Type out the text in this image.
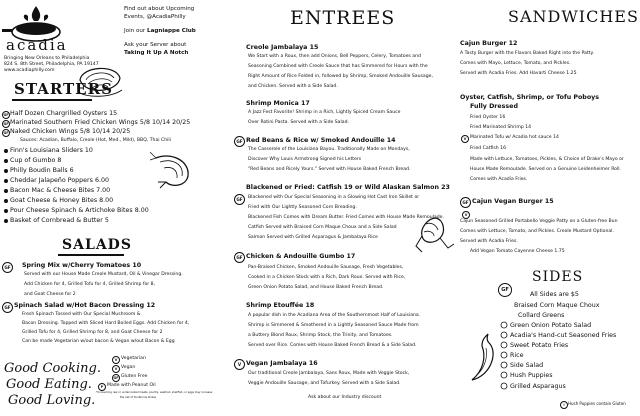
acadia
Bringing New Orleans to Philadelphia
824 S. 8th Street, Philadelphia, PA 19147
www.acadiaphilly.com
Find out about Upcoming
Events, @AcadiaPhilly
Join our Lagniappe Club
Ask your Server about
Taking It Up A Notch
STARTERS
GF Half Dozen Chargrilled Oysters 15
GF Marinated Southern Fried Chicken Wings 5/8 10/14 20/25
GF Naked Chicken Wings 5/8 10/14 20/25
Sauces: Acadian, Buffalo, Creole (Hot, Med., Mild), BBQ, Thai Chili
Finn's Louisiana Sliders 10
Cup of Gumbo 8
Philly Boudin Balls 6
Cheddar Jalapeño Poppers 6.00
Bacon Mac & Cheese Bites 7.00
Goat Cheese & Honey Bites 8.00
Pour Cheese Spinach & Artichoke Bites 8.00
Basket of Cornbread & Butter 5
SALADS
GF	Spring Mix w/Cherry Tomatoes 10
Served with our House Made Creole Mustard, Oil & Vinegar Dressing.
Add Chicken for 4, Grilled Tofu for 4, Grilled Shrimp for 8,
and Goat Cheese for 2
GF Spinach Salad w/Hot Bacon Dressing 12
Fresh Spinach Tossed with Our Special Mushroom &
Bacon Dressing. Topped with Sliced Hard Boiled Eggs. Add Chicken for 4,
Grilled Tofu for 4, Grilled Shrimp for 8, and Goat Cheese for 2
Can be made Vegetarian w/out bacon & Vegan w/out Bacon & Egg
Good Cooking.
Good Eating.
Good Loving.
V Vegetarian
V Vegan
GF Gluten Free
P Made with Peanut Oil
*Consuming raw or undercooked meats, poultry, seafood, shellfish, or eggs may increase
the risk of foodborne illness
ENTREES
Creole Jambalaya 15
We Start with a Roux, then add Onions, Bell Peppers, Celery, Tomatoes and
Seasoning Combined with Creole Sauce that has Simmered for Hours with the
Right Amount of Rice Folded in, followed by Shrimp, Smoked Andouille Sausage,
and Chicken. Served with a Side Salad.
Shrimp Monica 17
A Jazz Fest Favorite! Shrimp in a Rich, Lightly Spiced Cream Sauce
Over Rotini Pasta. Served with a Side Salad.
GF Red Beans & Rice w/ Smoked Andouille 14
The Casserole of the Louisiana Bayou. Traditionally Made on Mondays,
Discover Why Louis Armstrong Signed his Letters
"Red Beans and Ricely Yours." Served with House Baked French Bread.
Blackened or Fried: Catfish 19 or Wild Alaskan Salmon 23
GF	Blackened with Our Special Seasoning in a Glowing Hot Cast Iron Skillet or
Fried with Our Lightly Seasoned Corn Breading.
Blackened Fish Comes with Dream Butter. Fried Comes with House Made Remoulade.
Catfish Served with Braised Corn Maque Choux and a Side Salad
Salmon Served with Grilled Asparagus & Jambalaya Rice
GF Chicken & Andouille Gumbo 17
Pan-Braised Chicken, Smoked Andouille Sausage, Fresh Vegetables,
Cooked in a Chicken Stock with a Rich, Dark Roux. Served with Rice,
Green Onion Potato Salad, and House Baked French Bread.
Shrimp Etouffée 18
A popular dish in the Acadiana Area of the Southernmost Half of Louisiana.
Shrimp is Simmered & Smothered in a Lightly Seasoned Sauce Made from
a Buttery Blond Roux, Shrimp Stock, the Trinity, and Tomatoes.
Served over Rice. Comes with House Baked French Bread & a Side Salad.
V Vegan Jambalaya 16
Our traditional Creole Jambalaya, Sans Roux, Made with Veggie Stock,
Veggie Andouille Sausage, and Tofurkey. Served with a Side Salad.
Ask about our Industry discount
SANDWICHES
Cajun Burger 12
A Tasty Burger with the Flavors Baked Right into the Patty.
Comes with Mayo, Lettuce, Tomato, and Pickles.
Served with Acadia Fries. Add Havarti Cheese 1.25
Oyster, Catfish, Shrimp, or Tofu Poboys
Fully Dressed
Fried Oyster 16
Fried Marinated Shrimp 14
V Marinated Tofu w/ Acadia hot sauce 14
Fried Catfish 16
Made with Lettuce, Tomatoes, Pickles, & Choice of Drake's Mayo or
House Made Remoulade. Served on a Genuine Leidenheimer Roll.
Comes with Acadia Fries.
GF Cajun Vegan Burger 15
V
Cajun Seasoned Grilled Portabello Veggie Patty on a Gluten-free Bun
Comes with Lettuce, Tomato, and Pickles. Creole Mustard Optional.
Served with Acadia Fries.
Add Vegan Tomato Cayenne Cheese 1.75
SIDES
All Sides are $5
GF
Braised Corn Maque Choux
Collard Greens
Green Onion Potato Salad
Acadia's Hand-cut Seasoned Fries
Sweet Potato Fries
Rice
Side Salad
Hush Puppies
Grilled Asparagus
! Hush Puppies contain Gluten
